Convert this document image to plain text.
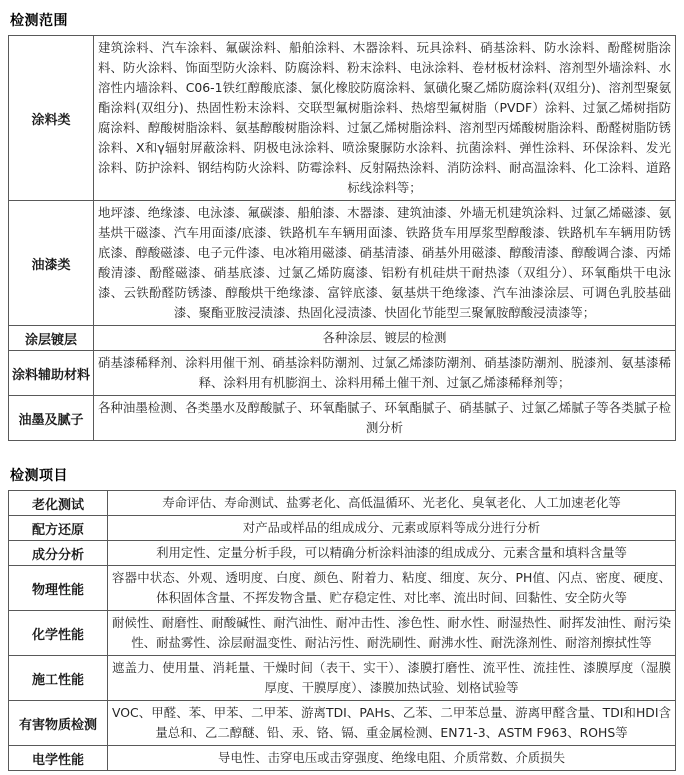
检测范围
涂料类	建筑涂料、汽车涂料、氟碳涂料、船舶涂料、木器涂料、玩具涂料、硝基涂料、防水涂料、酚醛树脂涂料、防火涂料、饰面型防火涂料、防腐涂料、粉末涂料、电泳涂料、卷材板材涂料、溶剂型外墙涂料、水溶性内墙涂料、C06-1铁红醇酸底漆、氯化橡胶防腐涂料、氯磺化聚乙烯防腐涂料(双组分)、溶剂型聚氨酯涂料(双组分)、热固性粉末涂料、交联型氟树脂涂料、热熔型氟树脂（PVDF）涂料、过氯乙烯树指防腐涂料、醇酸树脂涂料、氨基醇酸树脂涂料、过氯乙烯树脂涂料、溶剂型丙烯酸树脂涂料、酚醛树脂防锈涂料、X和γ辐射屏蔽涂料、阴极电泳涂料、喷涂聚脲防水涂料、抗菌涂料、弹性涂料、环保涂料、发光涂料、防护涂料、钢结构防火涂料、防霉涂料、反射隔热涂料、消防涂料、耐高温涂料、化工涂料、道路标线涂料等；
油漆类	地坪漆、绝缘漆、电泳漆、氟碳漆、船舶漆、木器漆、建筑油漆、外墙无机建筑涂料、过氯乙烯磁漆、氨基烘干磁漆、汽车用面漆/底漆、铁路机车车辆用面漆、铁路货车用厚浆型醇酸漆、铁路机车车辆用防锈底漆、醇酸磁漆、电子元件漆、电冰箱用磁漆、硝基清漆、硝基外用磁漆、醇酸清漆、醇酸调合漆、丙烯酸清漆、酚醛磁漆、硝基底漆、过氯乙烯防腐漆、铝粉有机硅烘干耐热漆（双组分）、环氧酯烘干电泳漆、云铁酚醛防锈漆、醇酸烘干绝缘漆、富锌底漆、氨基烘干绝缘漆、汽车油漆涂层、可调色乳胶基础漆、聚酯亚胺浸渍漆、热固化浸渍漆、快固化节能型三聚氰胺醇酸浸渍漆等；
涂层镀层	各种涂层、镀层的检测
涂料辅助材料	硝基漆稀释剂、涂料用催干剂、硝基涂料防潮剂、过氯乙烯漆防潮剂、硝基漆防潮剂、脱漆剂、氨基漆稀释、涂料用有机膨润土、涂料用稀土催干剂、过氯乙烯漆稀释剂等；
油墨及腻子	各种油墨检测、各类墨水及醇酸腻子、环氧酯腻子、环氧酯腻子、硝基腻子、过氯乙烯腻子等各类腻子检测分析
检测项目
老化测试	寿命评估、寿命测试、盐雾老化、高低温循环、光老化、臭氧老化、人工加速老化等
配方还原	对产品或样品的组成成分、元素或原料等成分进行分析
成分分析	利用定性、定量分析手段，可以精确分析涂料油漆的组成成分、元素含量和填料含量等
物理性能	容器中状态、外观、透明度、白度、颜色、附着力、粘度、细度、灰分、PH值、闪点、密度、硬度、体积固体含量、不挥发物含量、贮存稳定性、对比率、流出时间、回黏性、安全防火等
化学性能	耐候性、耐磨性、耐酸碱性、耐汽油性、耐冲击性、渗色性、耐水性、耐湿热性、耐挥发油性、耐污染性、耐盐雾性、涂层耐温变性、耐沾污性、耐洗刷性、耐沸水性、耐洗涤剂性、耐溶剂擦拭性等
施工性能	遮盖力、使用量、消耗量、干燥时间（表干、实干）、漆膜打磨性、流平性、流挂性、漆膜厚度（湿膜厚度、干膜厚度）、漆膜加热试验、划格试验等
有害物质检测	VOC、甲醛、苯、甲苯、二甲苯、游离TDI、PAHs、乙苯、二甲苯总量、游离甲醛含量、TDI和HDI含量总和、乙二醇醚、铅、汞、铬、镉、重金属检测、EN71-3、ASTM F963、ROHS等
电学性能	导电性、击穿电压或击穿强度、绝缘电阻、介质常数、介质损失
